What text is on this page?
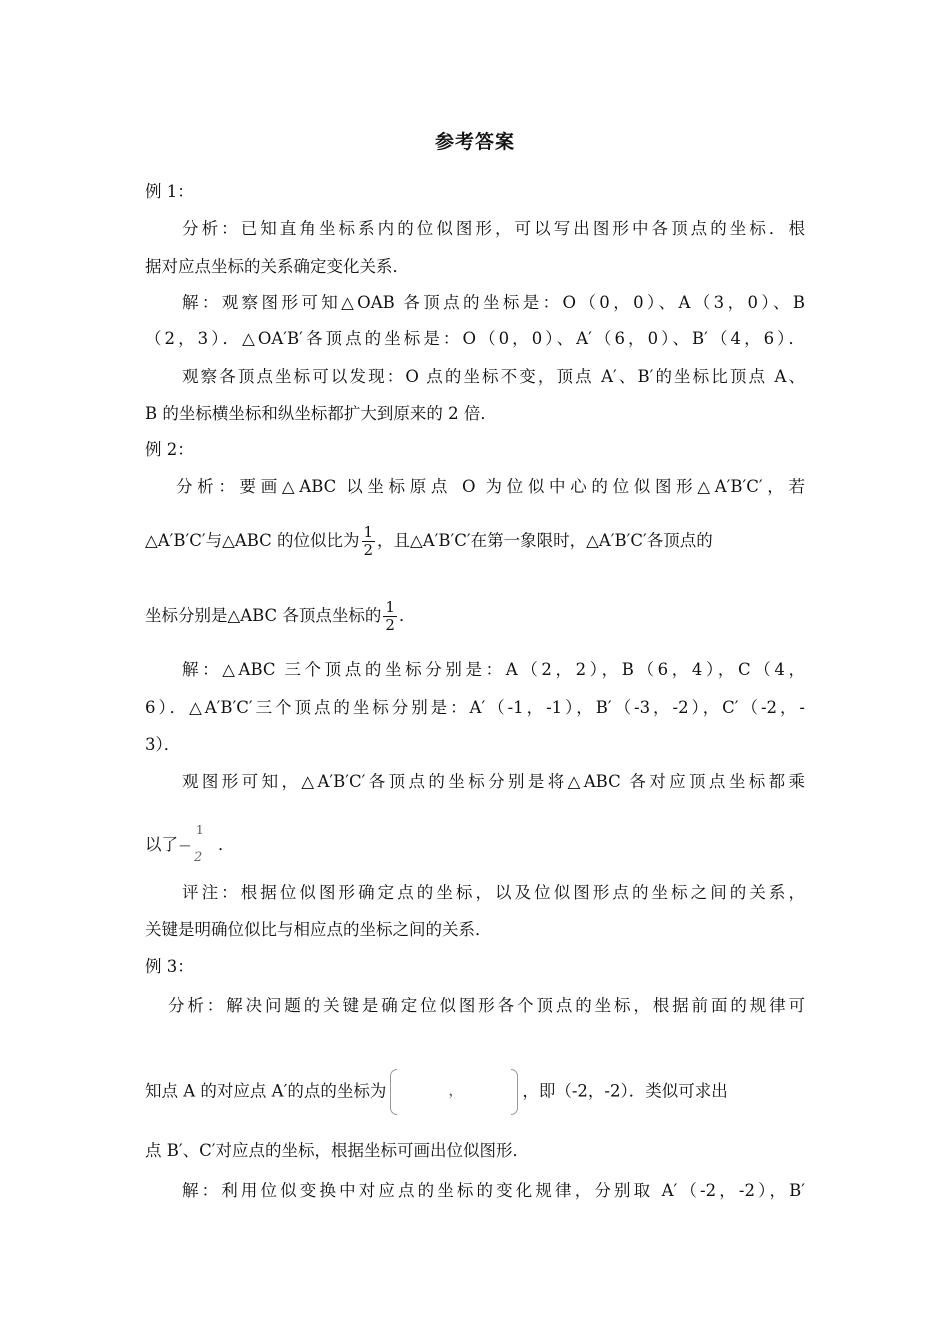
参考答案
例 1：
分析：已知直角坐标系内的位似图形，可以写出图形中各顶点的坐标．根
据对应点坐标的关系确定变化关系．
解：观察图形可知△OAB 各顶点的坐标是：O（0，0）、A（3，0）、B
（2，3）．△OA′B′各顶点的坐标是：O（0，0）、A′（6，0）、B′（4，6）．
观察各顶点坐标可以发现：O 点的坐标不变，顶点 A′、B′的坐标比顶点 A、
B 的坐标横坐标和纵坐标都扩大到原来的 2 倍．
例 2：
分析：要画△ABC 以坐标原点 O 为位似中心的位似图形△A′B′C′，若
△A′B′C′与△ABC 的位似比为 $\frac{1}{2}$ ，且△A′B′C′在第一象限时，△A′B′C′各顶点的
坐标分别是△ABC 各顶点坐标的 $\frac{1}{2}$ ．
解：△ABC 三个顶点的坐标分别是：A（2，2），B（6，4），C（4，
6）．△A′B′C′三个顶点的坐标分别是：A′（-1，-1），B′（-3，-2），C′（-2，-
3）．
观图形可知，△A′B′C′各顶点的坐标分别是将△ABC 各对应顶点坐标都乘
以了 −
1
2
．
评注：根据位似图形确定点的坐标，以及位似图形点的坐标之间的关系，
关键是明确位似比与相应点的坐标之间的关系．
例 3：
分析：解决问题的关键是确定位似图形各个顶点的坐标，根据前面的规律可
知点 A 的对应点 A′的点的坐标为	，	，即（-2，-2）．类似可求出
点 B′、C′对应点的坐标，根据坐标可画出位似图形．
解：利用位似变换中对应点的坐标的变化规律，分别取 A′（-2，-2），B′
